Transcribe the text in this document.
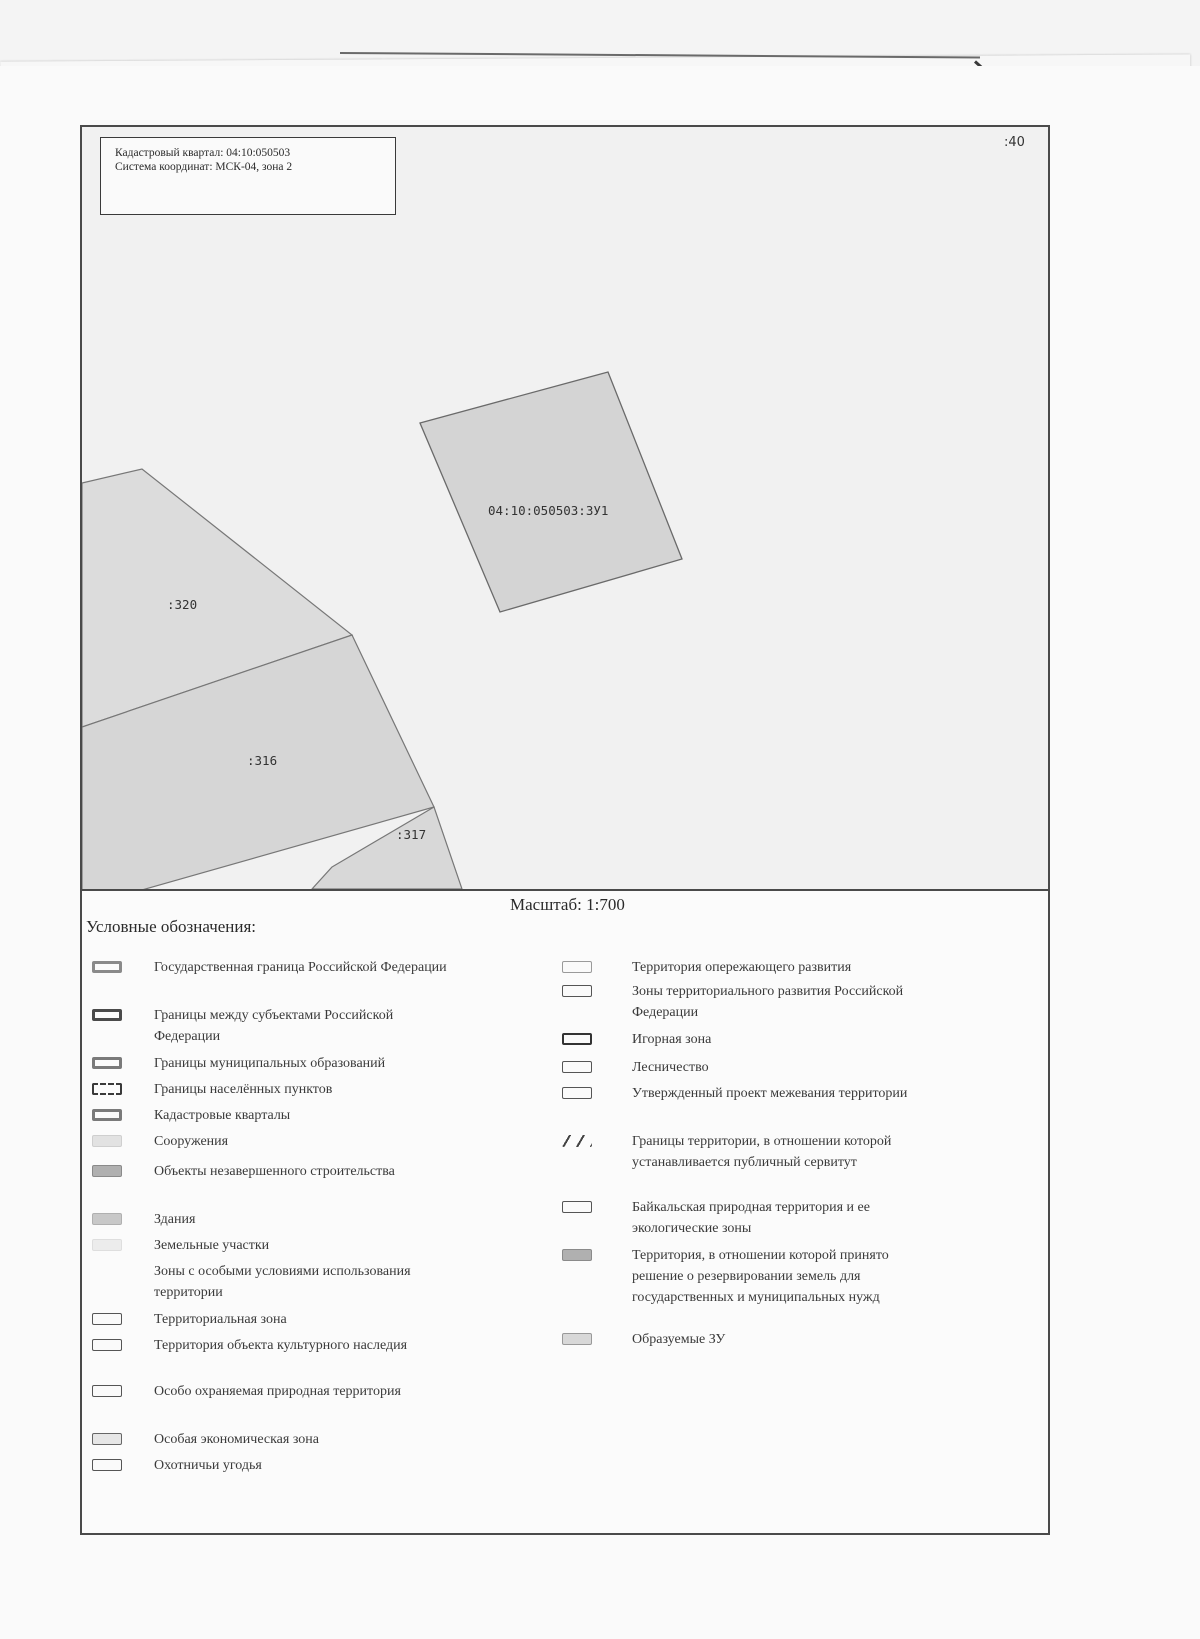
04:10:050503:ЗУ1
:320
:316
:317
Кадастровый квартал: 04:10:050503
Система координат: МСК-04, зона 2
:40
Масштаб: 1:700
Условные обозначения:
Государственная граница Российской Федерации
Границы между субъектами Российской Федерации
Границы муниципальных образований
Границы населённых пунктов
Кадастровые кварталы
Сооружения
Объекты незавершенного строительства
Здания
Земельные участки
Зоны с особыми условиями использования территории
Территориальная зона
Территория объекта культурного наследия
Особо охраняемая природная территория
Особая экономическая зона
Охотничьи угодья
Территория опережающего развития
Зоны территориального развития Российской Федерации
Игорная зона
Лесничество
Утвержденный проект межевания территории
Границы территории, в отношении которой устанавливается публичный сервитут
Байкальская природная территория и ее экологические зоны
Территория, в отношении которой принято решение о резервировании земель для государственных и муниципальных нужд
Образуемые ЗУ
